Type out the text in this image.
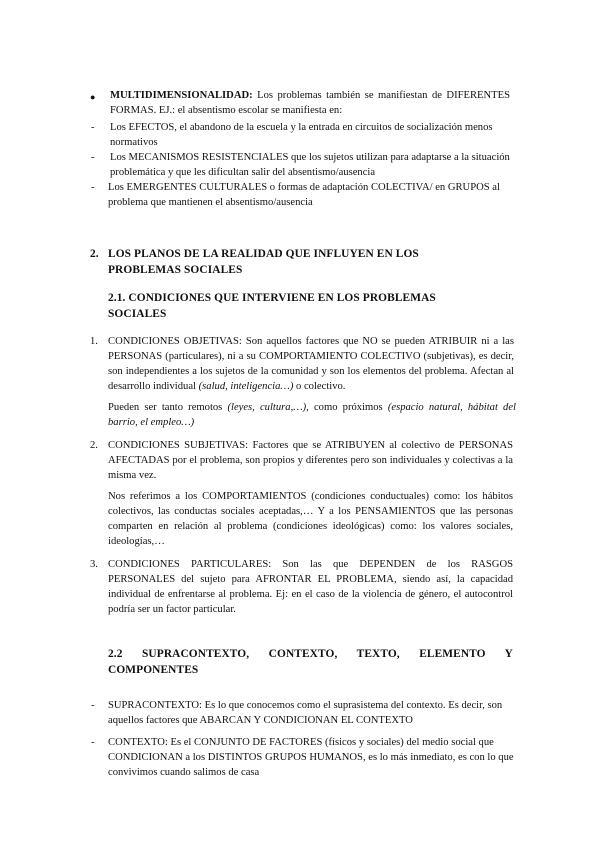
● MULTIDIMENSIONALIDAD: Los problemas también se manifiestan de DIFERENTES FORMAS. EJ.: el absentismo escolar se manifiesta en:
- Los EFECTOS, el abandono de la escuela y la entrada en circuitos de socialización menos normativos
- Los MECANISMOS RESISTENCIALES que los sujetos utilizan para adaptarse a la situación problemática y que les dificultan salir del absentismo/ausencia
- Los EMERGENTES CULTURALES o formas de adaptación COLECTIVA/ en GRUPOS al problema que mantienen el absentismo/ausencia
2. LOS PLANOS DE LA REALIDAD QUE INFLUYEN EN LOS PROBLEMAS SOCIALES
2.1. CONDICIONES QUE INTERVIENE EN LOS PROBLEMAS SOCIALES
1. CONDICIONES OBJETIVAS: Son aquellos factores que NO se pueden ATRIBUIR ni a las PERSONAS (particulares), ni a su COMPORTAMIENTO COLECTIVO (subjetivas), es decir, son independientes a los sujetos de la comunidad y son los elementos del problema. Afectan al desarrollo individual (salud, inteligencia…) o colectivo.
Pueden ser tanto remotos (leyes, cultura,…), como próximos (espacio natural, hábitat del barrio, el empleo…)
2. CONDICIONES SUBJETIVAS: Factores que se ATRIBUYEN al colectivo de PERSONAS AFECTADAS por el problema, son propios y diferentes pero son individuales y colectivas a la misma vez.
Nos referimos a los COMPORTAMIENTOS (condiciones conductuales) como: los hábitos colectivos, las conductas sociales aceptadas,… Y a los PENSAMIENTOS que las personas comparten en relación al problema (condiciones ideológicas) como: los valores sociales, ideologías,…
3. CONDICIONES PARTICULARES: Son las que DEPENDEN de los RASGOS PERSONALES del sujeto para AFRONTAR EL PROBLEMA, siendo así, la capacidad individual de enfrentarse al problema. Ej: en el caso de la violencia de género, el autocontrol podría ser un factor particular.
2.2 SUPRACONTEXTO, CONTEXTO, TEXTO, ELEMENTO Y COMPONENTES
- SUPRACONTEXTO: Es lo que conocemos como el suprasistema del contexto. Es decir, son aquellos factores que ABARCAN Y CONDICIONAN EL CONTEXTO
- CONTEXTO: Es el CONJUNTO DE FACTORES (físicos y sociales) del medio social que CONDICIONAN a los DISTINTOS GRUPOS HUMANOS, es lo más inmediato, es con lo que convivimos cuando salimos de casa
